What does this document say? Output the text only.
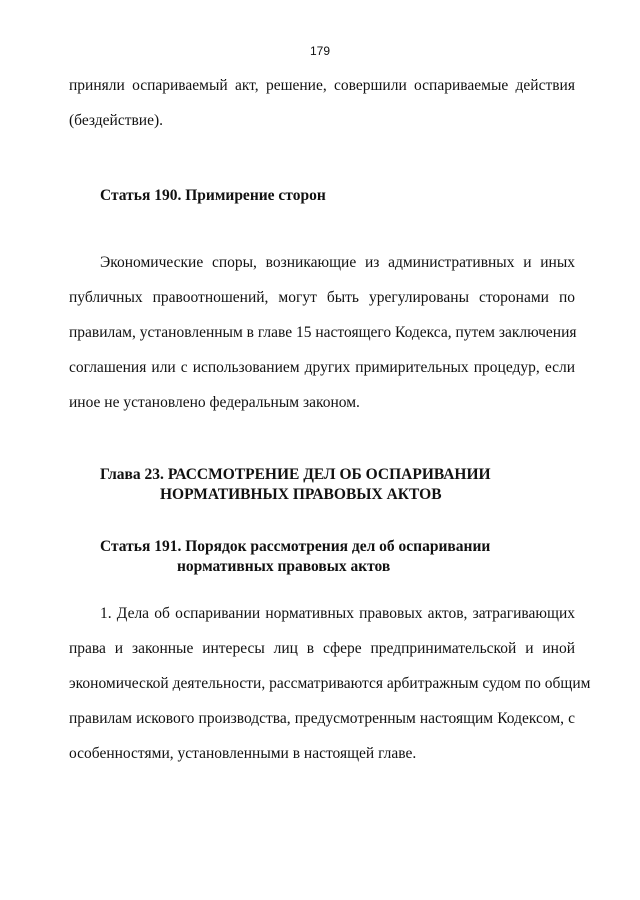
179

приняли оспариваемый акт, решение, совершили оспариваемые действия
(бездействие).

Статья 190. Примирение сторон

Экономические споры, возникающие из административных и иных
публичных правоотношений, могут быть урегулированы сторонами по
правилам, установленным в главе 15 настоящего Кодекса, путем заключения
соглашения или с использованием других примирительных процедур, если
иное не установлено федеральным законом.

Глава 23. РАССМОТРЕНИЕ ДЕЛ ОБ ОСПАРИВАНИИ
НОРМАТИВНЫХ ПРАВОВЫХ АКТОВ
Статья 191. Порядок рассмотрения дел об оспаривании
нормативных правовых актов

1. Дела об оспаривании нормативных правовых актов, затрагивающих
права и законные интересы лиц в сфере предпринимательской и иной
экономической деятельности, рассматриваются арбитражным судом по общим
правилам искового производства, предусмотренным настоящим Кодексом, с
особенностями, установленными в настоящей главе.
